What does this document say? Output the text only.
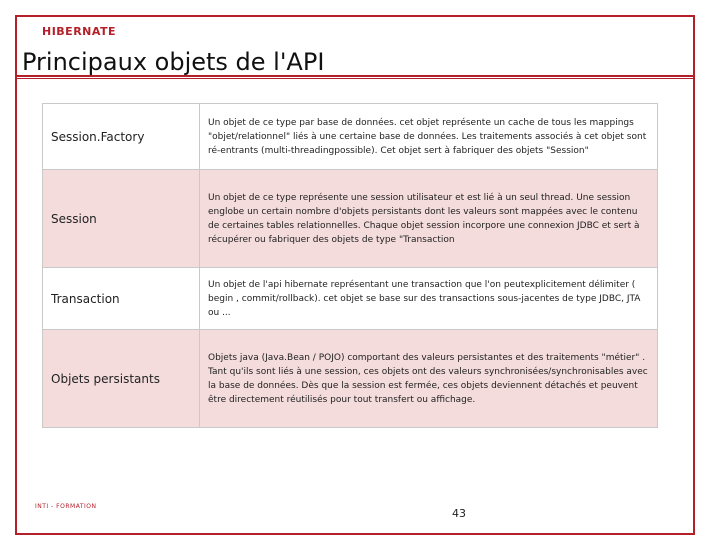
HIBERNATE
Principaux objets de l'API
Session.Factory	Un objet de ce type par base de données. cet objet représente un cache de tous les mappings "objet/relationnel" liés à une certaine base de données. Les traitements associés à cet objet sont ré-entrants (multi-threadingpossible). Cet objet sert à fabriquer des objets "Session"
Session	Un objet de ce type représente une session utilisateur et est lié à un seul thread. Une session englobe un certain nombre d'objets persistants dont les valeurs sont mappées avec le contenu de certaines tables relationnelles. Chaque objet session incorpore une connexion JDBC et sert à récupérer ou fabriquer des objets de type "Transaction
Transaction	Un objet de l'api hibernate représentant une transaction que l'on peutexplicitement délimiter ( begin , commit/rollback). cet objet se base sur des transactions sous-jacentes de type JDBC, JTA ou ...
Objets persistants	Objets java (Java.Bean / POJO) comportant des valeurs persistantes et des traitements "métier" . Tant qu'ils sont liés à une session, ces objets ont des valeurs synchronisées/synchronisables avec la base de données. Dès que la session est fermée, ces objets deviennent détachés et peuvent être directement réutilisés pour tout transfert ou affichage.
INTI - FORMATION
43
